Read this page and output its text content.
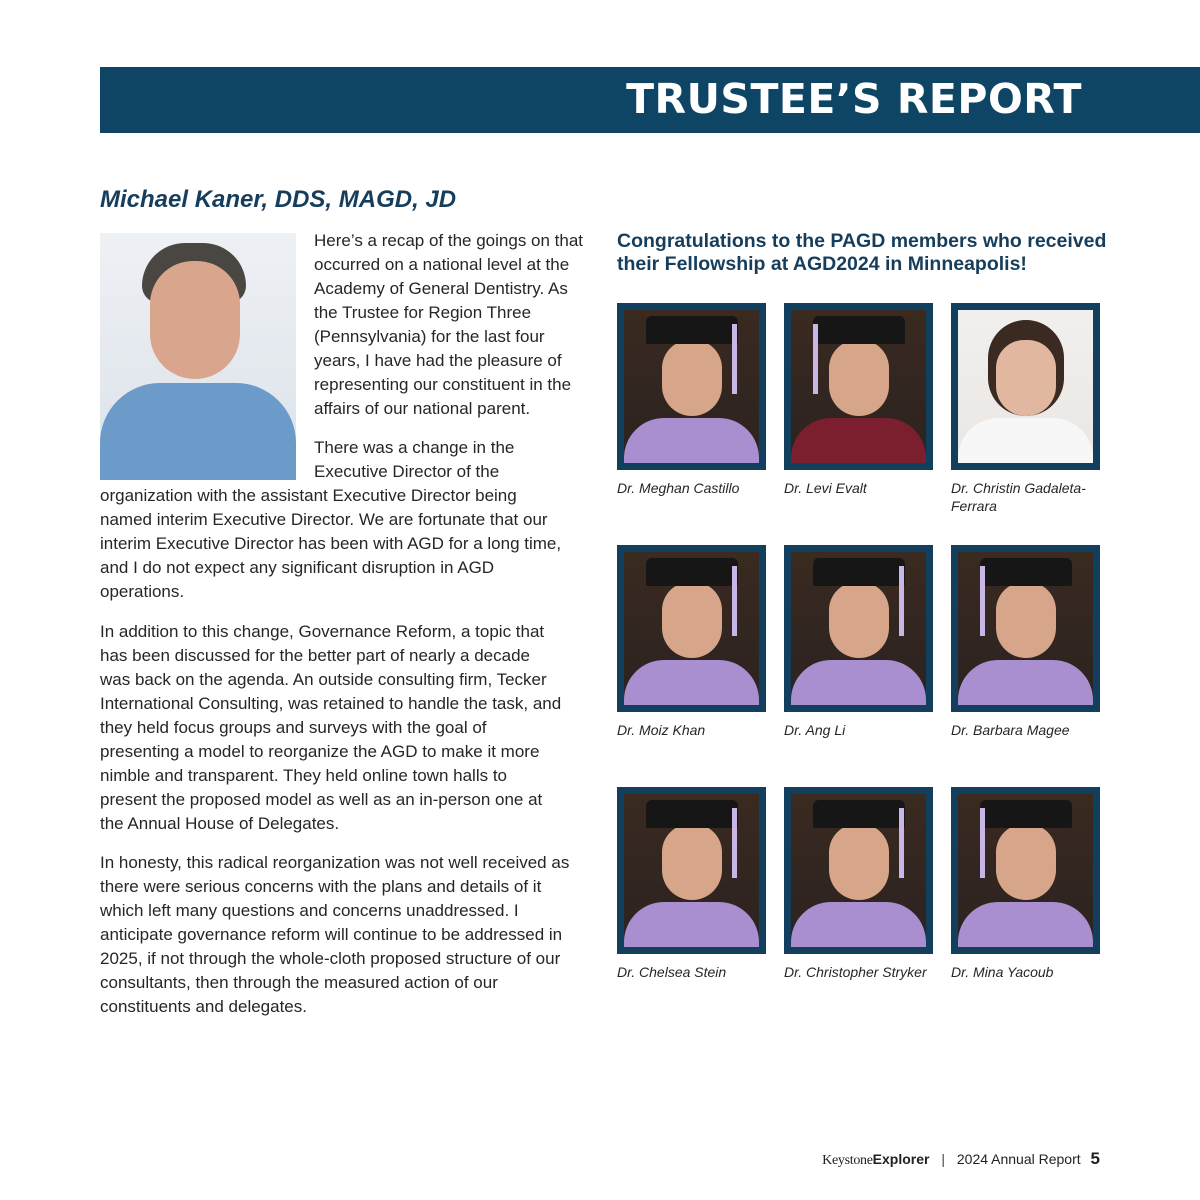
TRUSTEE’S REPORT
Michael Kaner, DDS, MAGD, JD

Here’s a recap of the goings on that occurred on a national level at the Academy of General Dentistry. As the Trustee for Region Three (Pennsylvania) for the last four years, I have had the pleasure of representing our constituent in the affairs of our national parent.

There was a change in the Executive Director of the
organization with the assistant Executive Director being named interim Executive Director. We are fortunate that our interim Executive Director has been with AGD for a long time, and I do not expect any significant disruption in AGD operations.

In addition to this change, Governance Reform, a topic that has been discussed for the better part of nearly a decade was back on the agenda. An outside consulting firm, Tecker International Consulting, was retained to handle the task, and they held focus groups and surveys with the goal of presenting a model to reorganize the AGD to make it more nimble and transparent. They held online town halls to present the proposed model as well as an in-person one at the Annual House of Delegates.

In honesty, this radical reorganization was not well received as there were serious concerns with the plans and details of it which left many questions and concerns unaddressed. I anticipate governance reform will continue to be addressed in 2025, if not through the whole-cloth proposed structure of our consultants, then through the measured action of our constituents and delegates.

Congratulations to the PAGD members who received their Fellowship at AGD2024 in Minneapolis!
Dr. Meghan Castillo	Dr. Levi Evalt	Dr. Christin Gadaleta-Ferrara
Dr. Moiz Khan	Dr. Ang Li	Dr. Barbara Magee
Dr. Chelsea Stein	Dr. Christopher Stryker	Dr. Mina Yacoub
KeystoneExplorer | 2024 Annual Report 5
